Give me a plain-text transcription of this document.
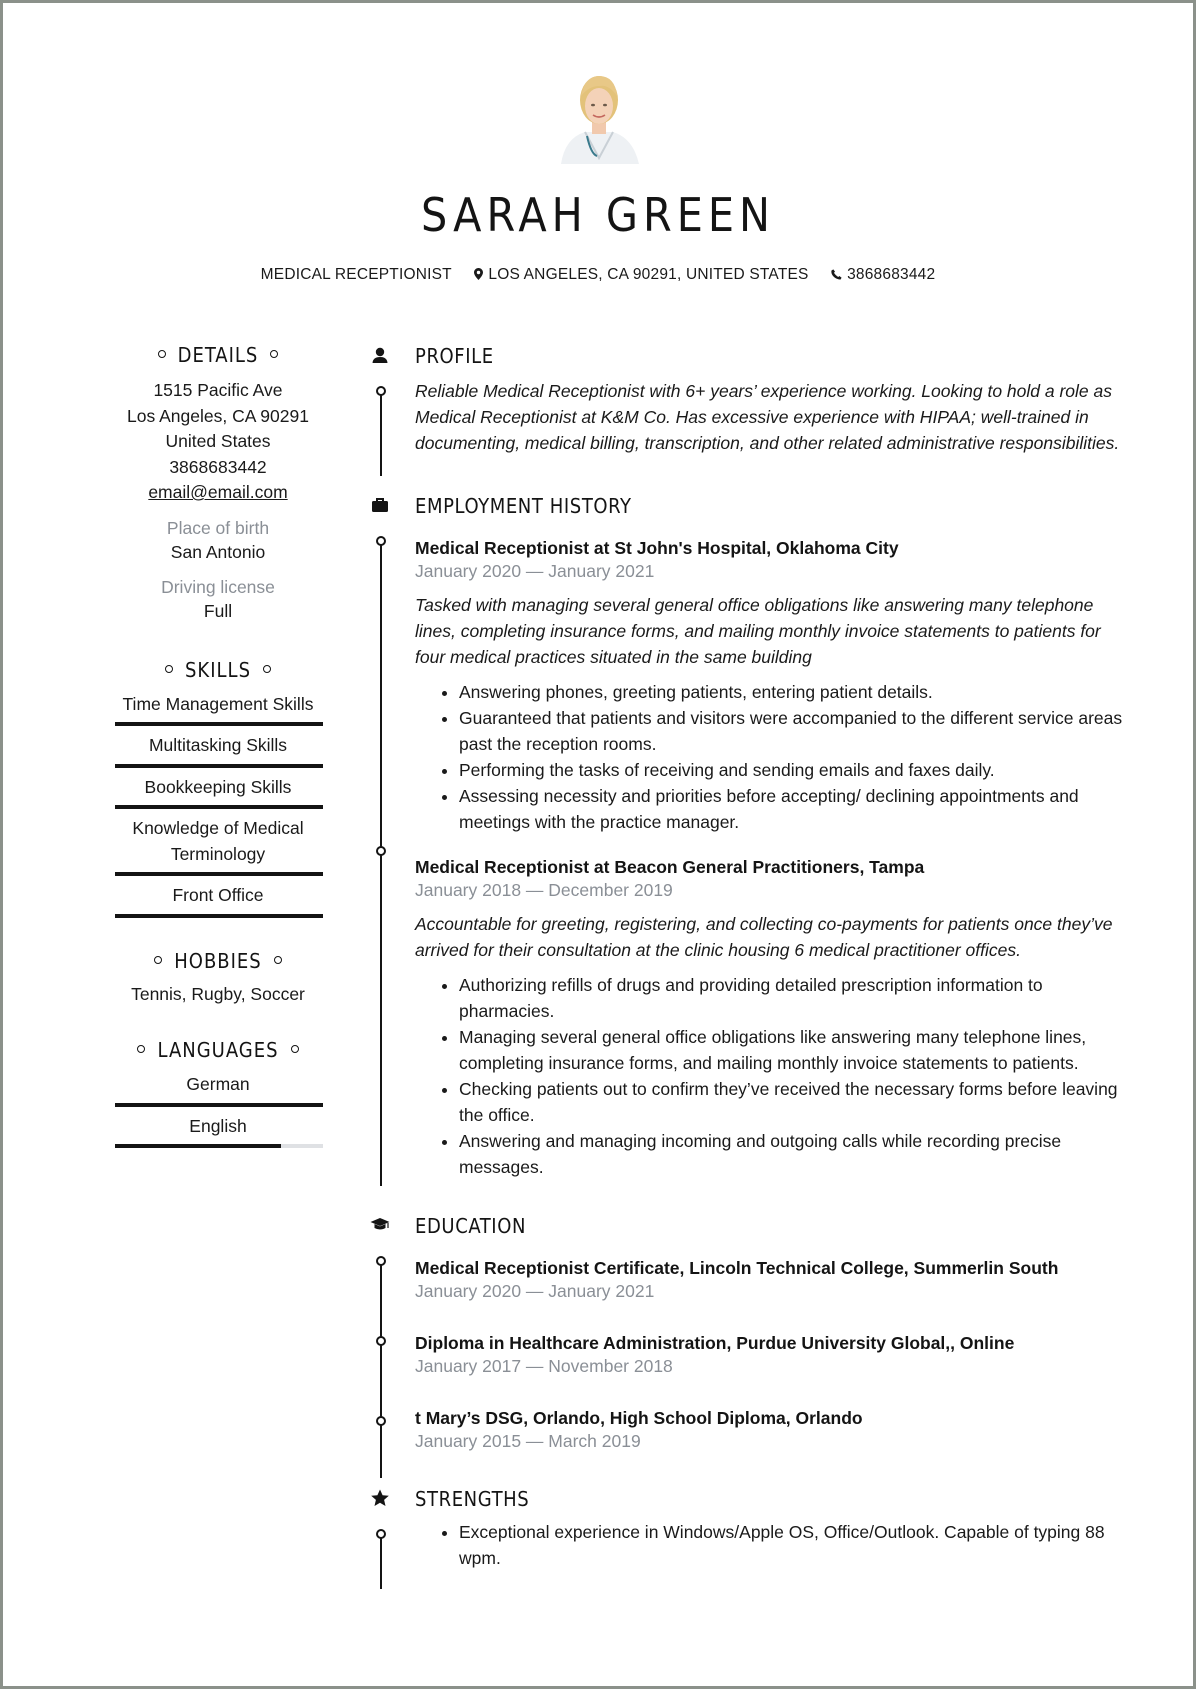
SARAH GREEN
MEDICAL RECEPTIONIST LOS ANGELES, CA 90291, UNITED STATES 3868683442
DETAILS
1515 Pacific Ave
Los Angeles, CA 90291
United States
3868683442
email@email.com
Place of birth
San Antonio
Driving license
Full
SKILLS
Time Management Skills
Multitasking Skills
Bookkeeping Skills
Knowledge of Medical Terminology
Front Office
HOBBIES
Tennis, Rugby, Soccer
LANGUAGES
German
English
PROFILE
Reliable Medical Receptionist with 6+ years’ experience working. Looking to hold a role as Medical Receptionist at K&M Co. Has excessive experience with HIPAA; well-trained in documenting, medical billing, transcription, and other related administrative responsibilities.
EMPLOYMENT HISTORY
Medical Receptionist at St John's Hospital, Oklahoma City
January 2020 — January 2021
Tasked with managing several general office obligations like answering many telephone lines, completing insurance forms, and mailing monthly invoice statements to patients for four medical practices situated in the same building
• Answering phones, greeting patients, entering patient details.
• Guaranteed that patients and visitors were accompanied to the different service areas past the reception rooms.
• Performing the tasks of receiving and sending emails and faxes daily.
• Assessing necessity and priorities before accepting/ declining appointments and meetings with the practice manager.
Medical Receptionist at Beacon General Practitioners, Tampa
January 2018 — December 2019
Accountable for greeting, registering, and collecting co-payments for patients once they’ve arrived for their consultation at the clinic housing 6 medical practitioner offices.
• Authorizing refills of drugs and providing detailed prescription information to pharmacies.
• Managing several general office obligations like answering many telephone lines, completing insurance forms, and mailing monthly invoice statements to patients.
• Checking patients out to confirm they’ve received the necessary forms before leaving the office.
• Answering and managing incoming and outgoing calls while recording precise messages.
EDUCATION
Medical Receptionist Certificate, Lincoln Technical College, Summerlin South
January 2020 — January 2021
Diploma in Healthcare Administration, Purdue University Global,, Online
January 2017 — November 2018
t Mary’s DSG, Orlando, High School Diploma, Orlando
January 2015 — March 2019
STRENGTHS
• Exceptional experience in Windows/Apple OS, Office/Outlook. Capable of typing 88 wpm.
